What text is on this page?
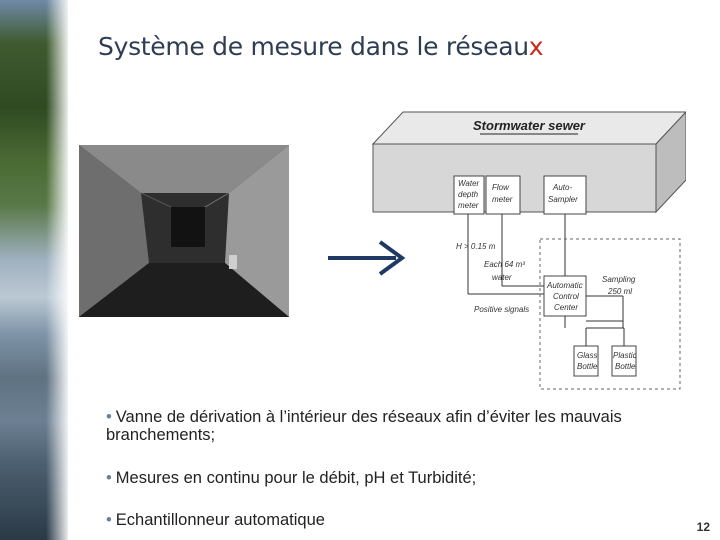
Système de mesure dans le réseaux
Stormwater sewer
Water
depth
meter
Flow
meter
Auto-
Sampler
H > 0.15 m
Each 64 m³
water
Positive signals
Automatic
Control
Center
Sampling
250 ml
Glass
Bottle
Plastic
Bottle
• Vanne de dérivation à l’intérieur des réseaux afin d’éviter les mauvais branchements;
• Mesures en continu pour le débit, pH et Turbidité;
• Echantillonneur automatique	12
